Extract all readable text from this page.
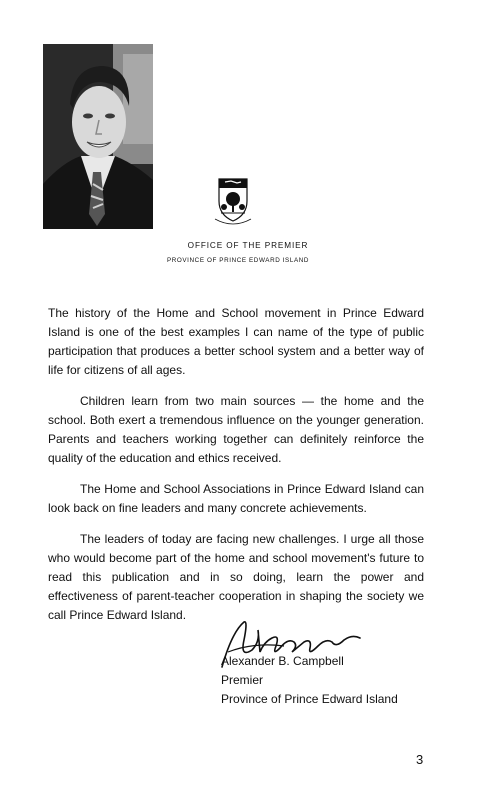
OFFICE OF THE PREMIER
PROVINCE OF PRINCE EDWARD ISLAND

The history of the Home and School movement in Prince Edward Island is one of the best examples I can name of the type of public participation that produces a better school system and a better way of life for citizens of all ages.

Children learn from two main sources — the home and the school. Both exert a tremendous influence on the younger generation. Parents and teachers working together can definitely reinforce the quality of the education and ethics received.

The Home and School Associations in Prince Edward Island can look back on fine leaders and many concrete achievements.

The leaders of today are facing new challenges. I urge all those who would become part of the home and school movement's future to read this publication and in so doing, learn the power and effectiveness of parent-teacher cooperation in shaping the society we call Prince Edward Island.

Alexander B. Campbell
Premier
Province of Prince Edward Island
3
